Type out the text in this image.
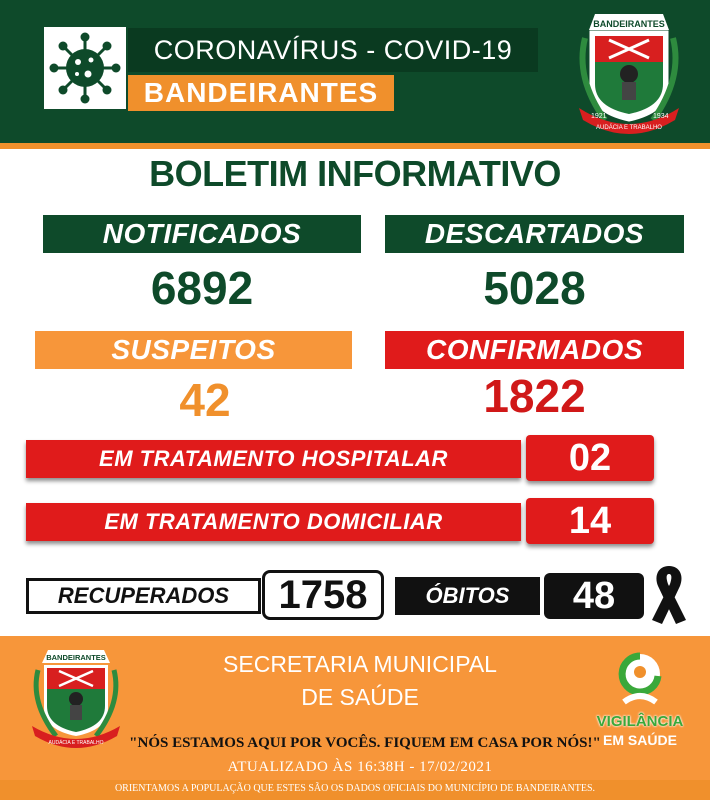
CORONAVÍRUS - COVID-19
BANDEIRANTES
BANDEIRANTES
1921
AUDÁCIA E TRABALHO
1934
BOLETIM INFORMATIVO
NOTIFICADOS	DESCARTADOS
6892	5028
SUSPEITOS	CONFIRMADOS
42	1822
EM TRATAMENTO HOSPITALAR	02
EM TRATAMENTO DOMICILIAR	14
RECUPERADOS	1758	ÓBITOS	48
BANDEIRANTES
AUDÁCIA E TRABALHO
SECRETARIA MUNICIPAL
DE SAÚDE
"NÓS ESTAMOS AQUI POR VOCÊS. FIQUEM EM CASA POR NÓS!"
ATUALIZADO ÀS 16:38H - 17/02/2021
ORIENTAMOS A POPULAÇÃO QUE ESTES SÃO OS DADOS OFICIAIS DO MUNICÍPIO DE BANDEIRANTES.
VIGILÂNCIA
EM SAÚDE
